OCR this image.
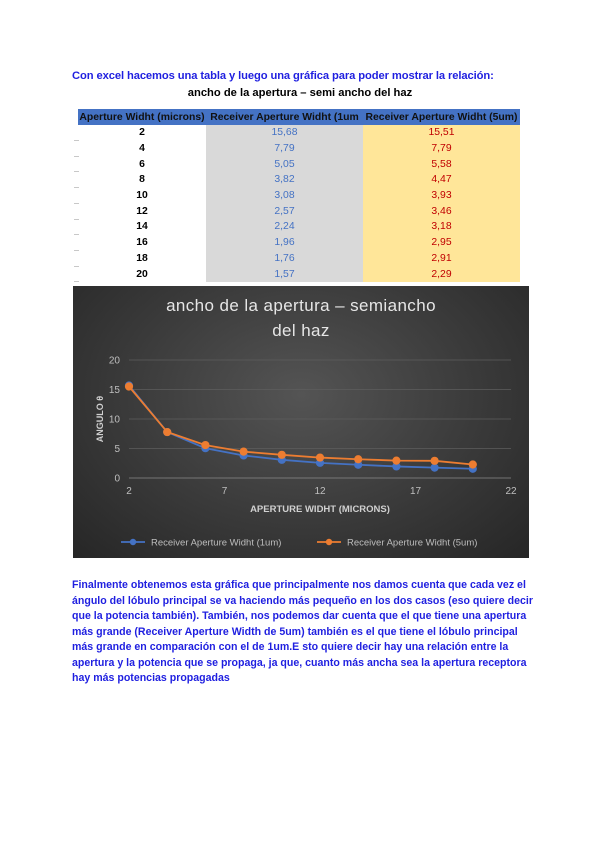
Con excel hacemos una tabla y luego una gráfica para poder mostrar la relación:
ancho de la apertura – semi ancho del haz
Aperture Widht (microns)	Receiver Aperture Widht (1um	Receiver Aperture Widht (5um)
2	15,68	15,51
4	7,79	7,79
6	5,05	5,58
8	3,82	4,47
10	3,08	3,93
12	2,57	3,46
14	2,24	3,18
16	1,96	2,95
18	1,76	2,91
20	1,57	2,29
ancho de la apertura – semiancho
del haz
0
5
10
15
20
2	7	12	17	22
APERTURE WIDHT (MICRONS)
ANGULO θ
Receiver Aperture Widht (1um)	Receiver Aperture Widht (5um)
Finalmente obtenemos esta gráfica que principalmente nos damos cuenta que cada vez el ángulo del lóbulo principal se va haciendo más pequeño en los dos casos (eso quiere decir que la potencia también). También, nos podemos dar cuenta que el que tiene una apertura más grande (Receiver Aperture Width de 5um) también es el que tiene el lóbulo principal más grande en comparación con el de 1um.E sto quiere decir hay una relación entre la apertura y la potencia que se propaga, ja que, cuanto más ancha sea la apertura receptora hay más potencias propagadas
